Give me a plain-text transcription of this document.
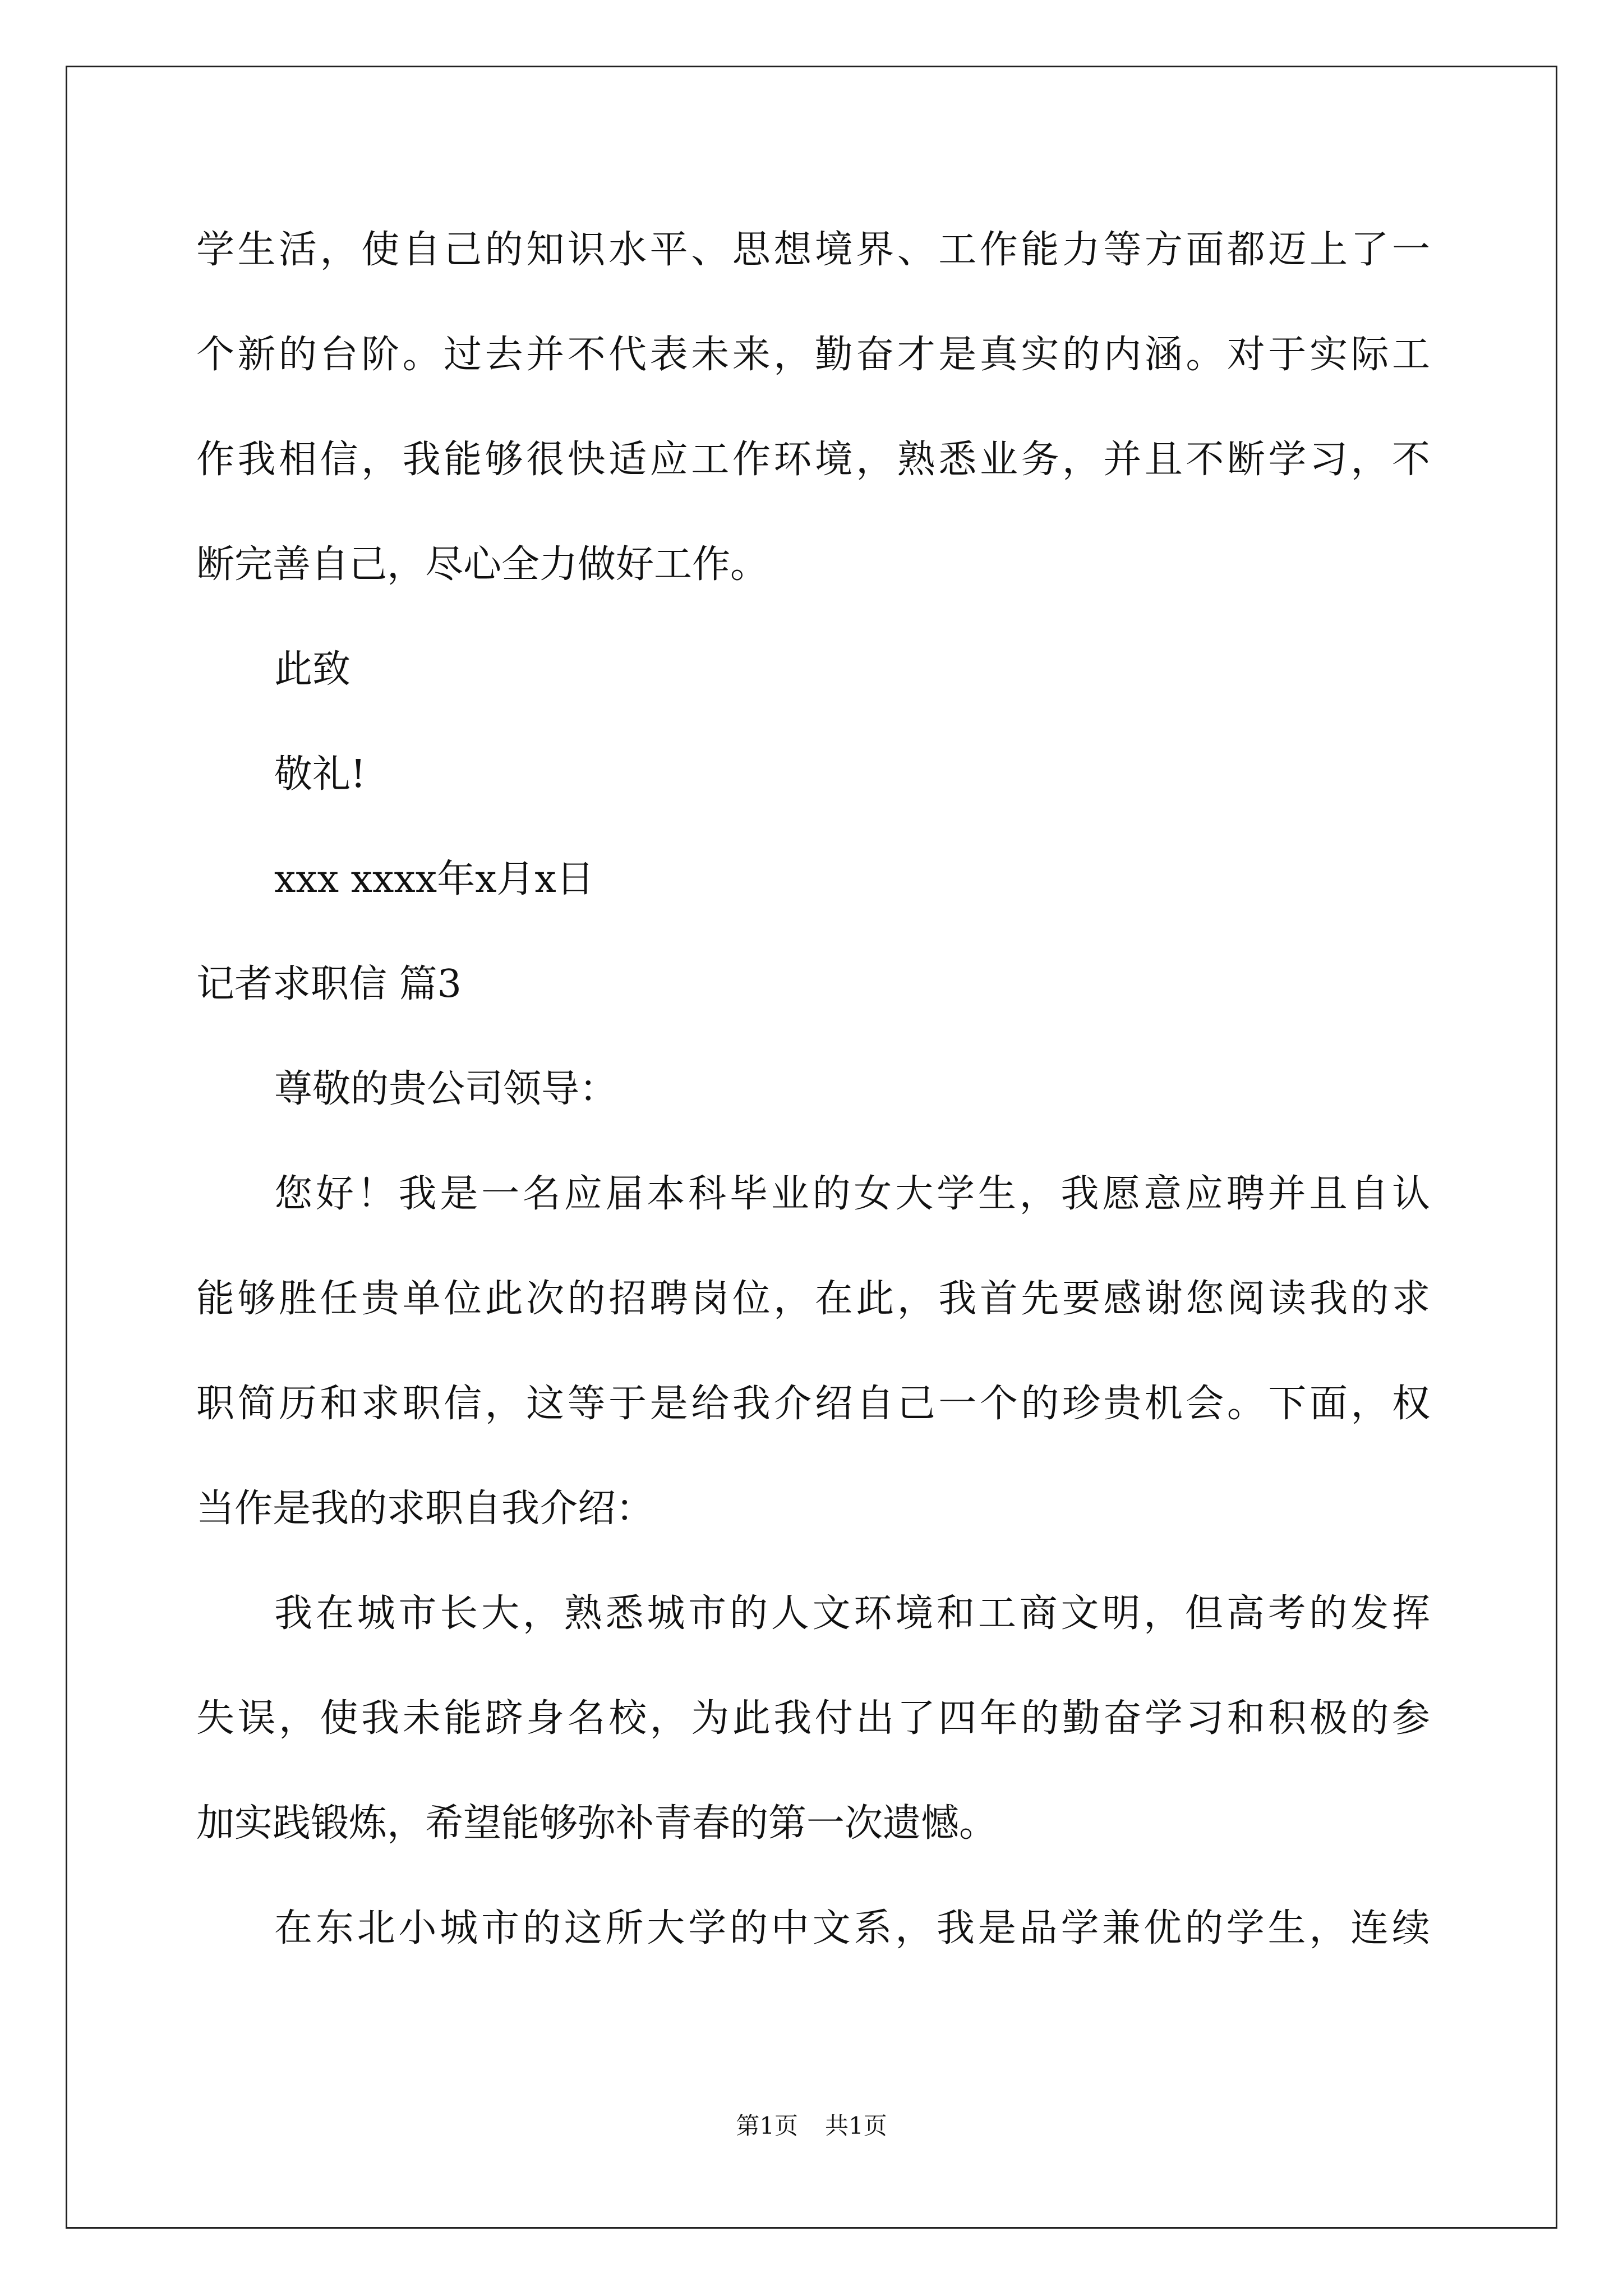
学生活，使自己的知识水平、思想境界、工作能力等方面都迈上了一
个新的台阶。过去并不代表未来，勤奋才是真实的内涵。对于实际工
作我相信，我能够很快适应工作环境，熟悉业务，并且不断学习，不
断完善自己，尽心全力做好工作。
此致
敬礼!
xxx xxxx年x月x日
记者求职信 篇3
尊敬的贵公司领导：
您好！我是一名应届本科毕业的女大学生，我愿意应聘并且自认
能够胜任贵单位此次的招聘岗位，在此，我首先要感谢您阅读我的求
职简历和求职信，这等于是给我介绍自己一个的珍贵机会。下面，权
当作是我的求职自我介绍：
我在城市长大，熟悉城市的人文环境和工商文明，但高考的发挥
失误，使我未能跻身名校，为此我付出了四年的勤奋学习和积极的参
加实践锻炼，希望能够弥补青春的第一次遗憾。
在东北小城市的这所大学的中文系，我是品学兼优的学生，连续
第1页 共1页
